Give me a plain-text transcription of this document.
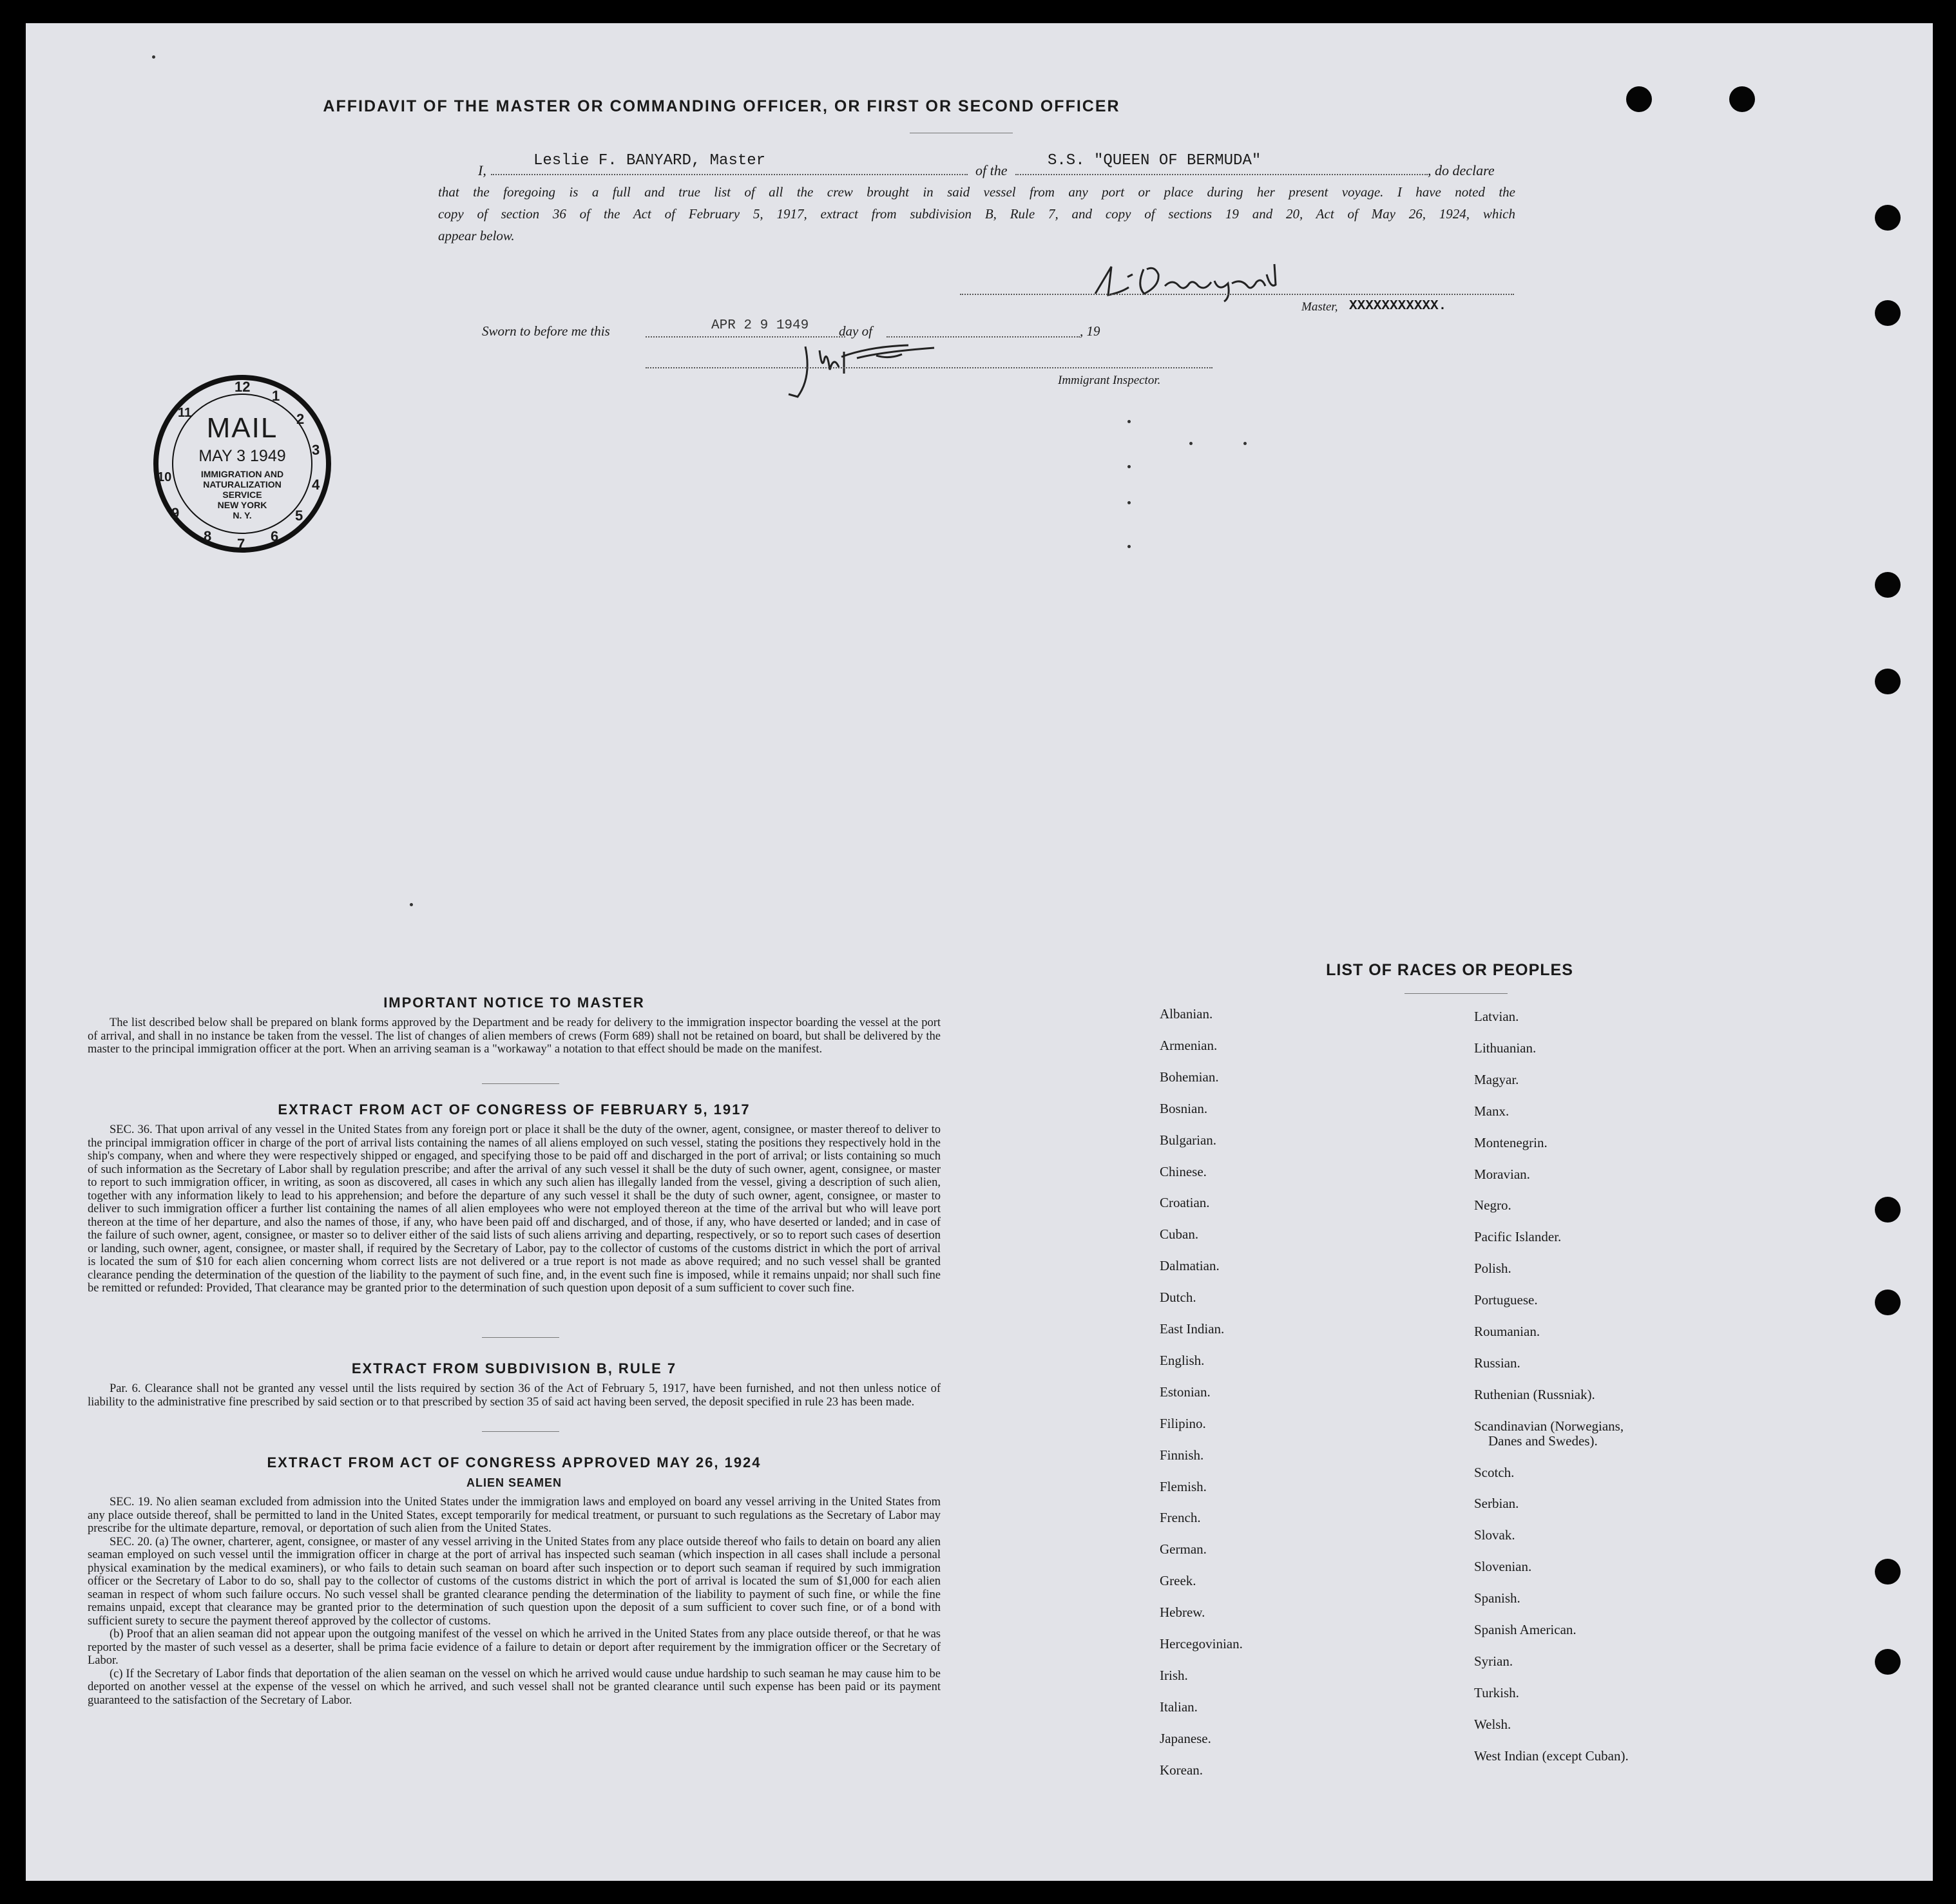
AFFIDAVIT OF THE MASTER OR COMMANDING OFFICER, OR FIRST OR SECOND OFFICER
I,
Leslie F. BANYARD, Master
of the
S.S. "QUEEN OF BERMUDA"
, do declare
that the foregoing is a full and true list of all the crew brought in said vessel from any port or place during her present voyage. I have noted the
copy of section 36 of the Act of February 5, 1917, extract from subdivision B, Rule 7, and copy of sections 19 and 20, Act of May 26, 1924, which
appear below.
Master, XXXXXXXXXXX.
Sworn to before me this	APR 2 9 1949 day of	, 19
Immigrant Inspector.
12
1
2
3
4
5
6
7
8
9
10
11 MAIL
MAY 3 1949
IMMIGRATION AND
NATURALIZATION
SERVICE
NEW YORK
N. Y.
IMPORTANT NOTICE TO MASTER

The list described below shall be prepared on blank forms approved by the Department and be ready for delivery to the immigration inspector boarding the vessel at the port of arrival, and shall in no instance be taken from the vessel. The list of changes of alien members of crews (Form 689) shall not be retained on board, but shall be delivered by the master to the principal immigration officer at the port. When an arriving seaman is a "workaway" a notation to that effect should be made on the manifest.

EXTRACT FROM ACT OF CONGRESS OF FEBRUARY 5, 1917

SEC. 36. That upon arrival of any vessel in the United States from any foreign port or place it shall be the duty of the owner, agent, consignee, or master thereof to deliver to the principal immigration officer in charge of the port of arrival lists containing the names of all aliens employed on such vessel, stating the positions they respectively hold in the ship's company, when and where they were respectively shipped or engaged, and specifying those to be paid off and discharged in the port of arrival; or lists containing so much of such information as the Secretary of Labor shall by regulation prescribe; and after the arrival of any such vessel it shall be the duty of such owner, agent, consignee, or master to report to such immigration officer, in writing, as soon as discovered, all cases in which any such alien has illegally landed from the vessel, giving a description of such alien, together with any information likely to lead to his apprehension; and before the departure of any such vessel it shall be the duty of such owner, agent, consignee, or master to deliver to such immigration officer a further list containing the names of all alien employees who were not employed thereon at the time of the arrival but who will leave port thereon at the time of her departure, and also the names of those, if any, who have been paid off and discharged, and of those, if any, who have deserted or landed; and in case of the failure of such owner, agent, consignee, or master so to deliver either of the said lists of such aliens arriving and departing, respectively, or so to report such cases of desertion or landing, such owner, agent, consignee, or master shall, if required by the Secretary of Labor, pay to the collector of customs of the customs district in which the port of arrival is located the sum of $10 for each alien concerning whom correct lists are not delivered or a true report is not made as above required; and no such vessel shall be granted clearance pending the determination of the question of the liability to the payment of such fine, and, in the event such fine is imposed, while it remains unpaid; nor shall such fine be remitted or refunded: Provided, That clearance may be granted prior to the determination of such question upon deposit of a sum sufficient to cover such fine.

EXTRACT FROM SUBDIVISION B, RULE 7

Par. 6. Clearance shall not be granted any vessel until the lists required by section 36 of the Act of February 5, 1917, have been furnished, and not then unless notice of liability to the administrative fine prescribed by said section or to that prescribed by section 35 of said act having been served, the deposit specified in rule 23 has been made.

EXTRACT FROM ACT OF CONGRESS APPROVED MAY 26, 1924
ALIEN SEAMEN

SEC. 19. No alien seaman excluded from admission into the United States under the immigration laws and employed on board any vessel arriving in the United States from any place outside thereof, shall be permitted to land in the United States, except temporarily for medical treatment, or pursuant to such regulations as the Secretary of Labor may prescribe for the ultimate departure, removal, or deportation of such alien from the United States.

SEC. 20. (a) The owner, charterer, agent, consignee, or master of any vessel arriving in the United States from any place outside thereof who fails to detain on board any alien seaman employed on such vessel until the immigration officer in charge at the port of arrival has inspected such seaman (which inspection in all cases shall include a personal physical examination by the medical examiners), or who fails to detain such seaman on board after such inspection or to deport such seaman if required by such immigration officer or the Secretary of Labor to do so, shall pay to the collector of customs of the customs district in which the port of arrival is located the sum of $1,000 for each alien seaman in respect of whom such failure occurs. No such vessel shall be granted clearance pending the determination of the liability to payment of such fine, or while the fine remains unpaid, except that clearance may be granted prior to the determination of such question upon the deposit of a sum sufficient to cover such fine, or of a bond with sufficient surety to secure the payment thereof approved by the collector of customs.

(b) Proof that an alien seaman did not appear upon the outgoing manifest of the vessel on which he arrived in the United States from any place outside thereof, or that he was reported by the master of such vessel as a deserter, shall be prima facie evidence of a failure to detain or deport after requirement by the immigration officer or the Secretary of Labor.

(c) If the Secretary of Labor finds that deportation of the alien seaman on the vessel on which he arrived would cause undue hardship to such seaman he may cause him to be deported on another vessel at the expense of the vessel on which he arrived, and such vessel shall not be granted clearance until such expense has been paid or its payment guaranteed to the satisfaction of the Secretary of Labor.

LIST OF RACES OR PEOPLES
Albanian.
Armenian.
Bohemian.
Bosnian.
Bulgarian.
Chinese.
Croatian.
Cuban.
Dalmatian.
Dutch.
East Indian.
English.
Estonian.
Filipino.
Finnish.
Flemish.
French.
German.
Greek.
Hebrew.
Hercegovinian.
Irish.
Italian.
Japanese.
Korean.
Latvian.
Lithuanian.
Magyar.
Manx.
Montenegrin.
Moravian.
Negro.
Pacific Islander.
Polish.
Portuguese.
Roumanian.
Russian.
Ruthenian (Russniak).
Scandinavian (Norwegians,
Danes and Swedes).
Scotch.
Serbian.
Slovak.
Slovenian.
Spanish.
Spanish American.
Syrian.
Turkish.
Welsh.
West Indian (except Cuban).
